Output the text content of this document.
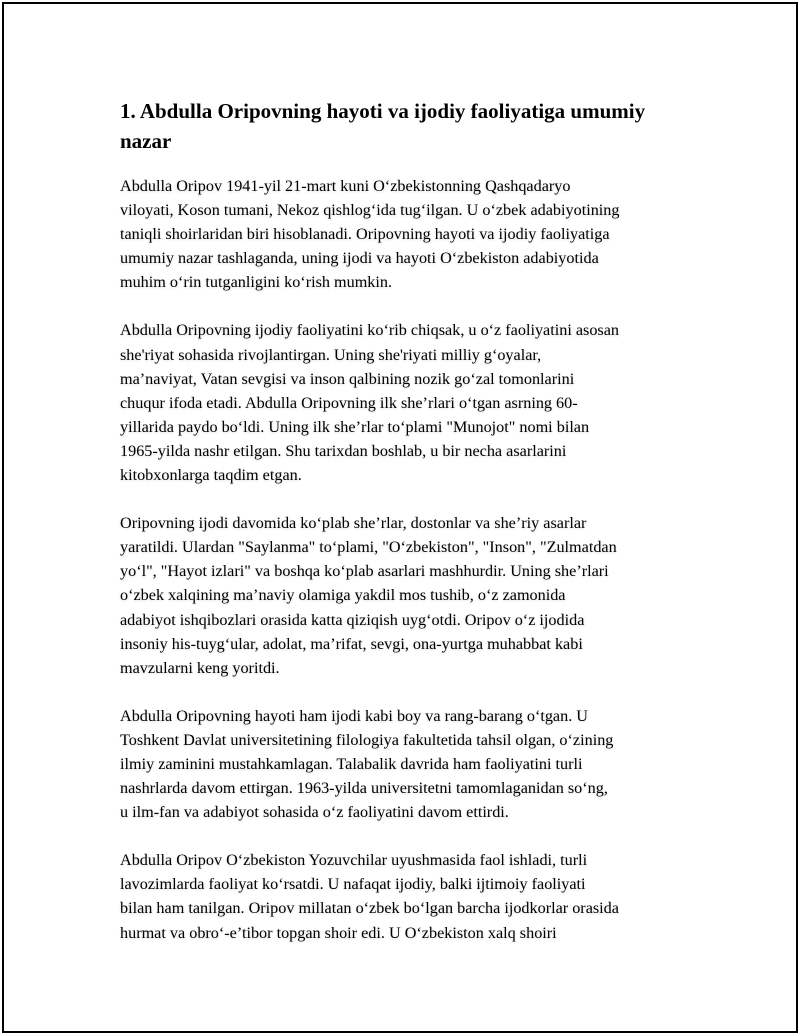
1. Abdulla Oripovning hayoti va ijodiy faoliyatiga umumiy
nazar

Abdulla Oripov 1941-yil 21-mart kuni O‘zbekistonning Qashqadaryo
viloyati, Koson tumani, Nekoz qishlog‘ida tug‘ilgan. U o‘zbek adabiyotining
taniqli shoirlaridan biri hisoblanadi. Oripovning hayoti va ijodiy faoliyatiga
umumiy nazar tashlaganda, uning ijodi va hayoti O‘zbekiston adabiyotida
muhim o‘rin tutganligini ko‘rish mumkin.

Abdulla Oripovning ijodiy faoliyatini ko‘rib chiqsak, u o‘z faoliyatini asosan
she'riyat sohasida rivojlantirgan. Uning she'riyati milliy g‘oyalar,
ma’naviyat, Vatan sevgisi va inson qalbining nozik go‘zal tomonlarini
chuqur ifoda etadi. Abdulla Oripovning ilk she’rlari o‘tgan asrning 60-
yillarida paydo bo‘ldi. Uning ilk she’rlar to‘plami "Munojot" nomi bilan
1965-yilda nashr etilgan. Shu tarixdan boshlab, u bir necha asarlarini
kitobxonlarga taqdim etgan.

Oripovning ijodi davomida ko‘plab she’rlar, dostonlar va she’riy asarlar
yaratildi. Ulardan "Saylanma" to‘plami, "O‘zbekiston", "Inson", "Zulmatdan
yo‘l", "Hayot izlari" va boshqa ko‘plab asarlari mashhurdir. Uning she’rlari
o‘zbek xalqining ma’naviy olamiga yakdil mos tushib, o‘z zamonida
adabiyot ishqibozlari orasida katta qiziqish uyg‘otdi. Oripov o‘z ijodida
insoniy his-tuyg‘ular, adolat, ma’rifat, sevgi, ona-yurtga muhabbat kabi
mavzularni keng yoritdi.

Abdulla Oripovning hayoti ham ijodi kabi boy va rang-barang o‘tgan. U
Toshkent Davlat universitetining filologiya fakultetida tahsil olgan, o‘zining
ilmiy zaminini mustahkamlagan. Talabalik davrida ham faoliyatini turli
nashrlarda davom ettirgan. 1963-yilda universitetni tamomlaganidan so‘ng,
u ilm-fan va adabiyot sohasida o‘z faoliyatini davom ettirdi.

Abdulla Oripov O‘zbekiston Yozuvchilar uyushmasida faol ishladi, turli
lavozimlarda faoliyat ko‘rsatdi. U nafaqat ijodiy, balki ijtimoiy faoliyati
bilan ham tanilgan. Oripov millatan o‘zbek bo‘lgan barcha ijodkorlar orasida
hurmat va obro‘-e’tibor topgan shoir edi. U O‘zbekiston xalq shoiri
